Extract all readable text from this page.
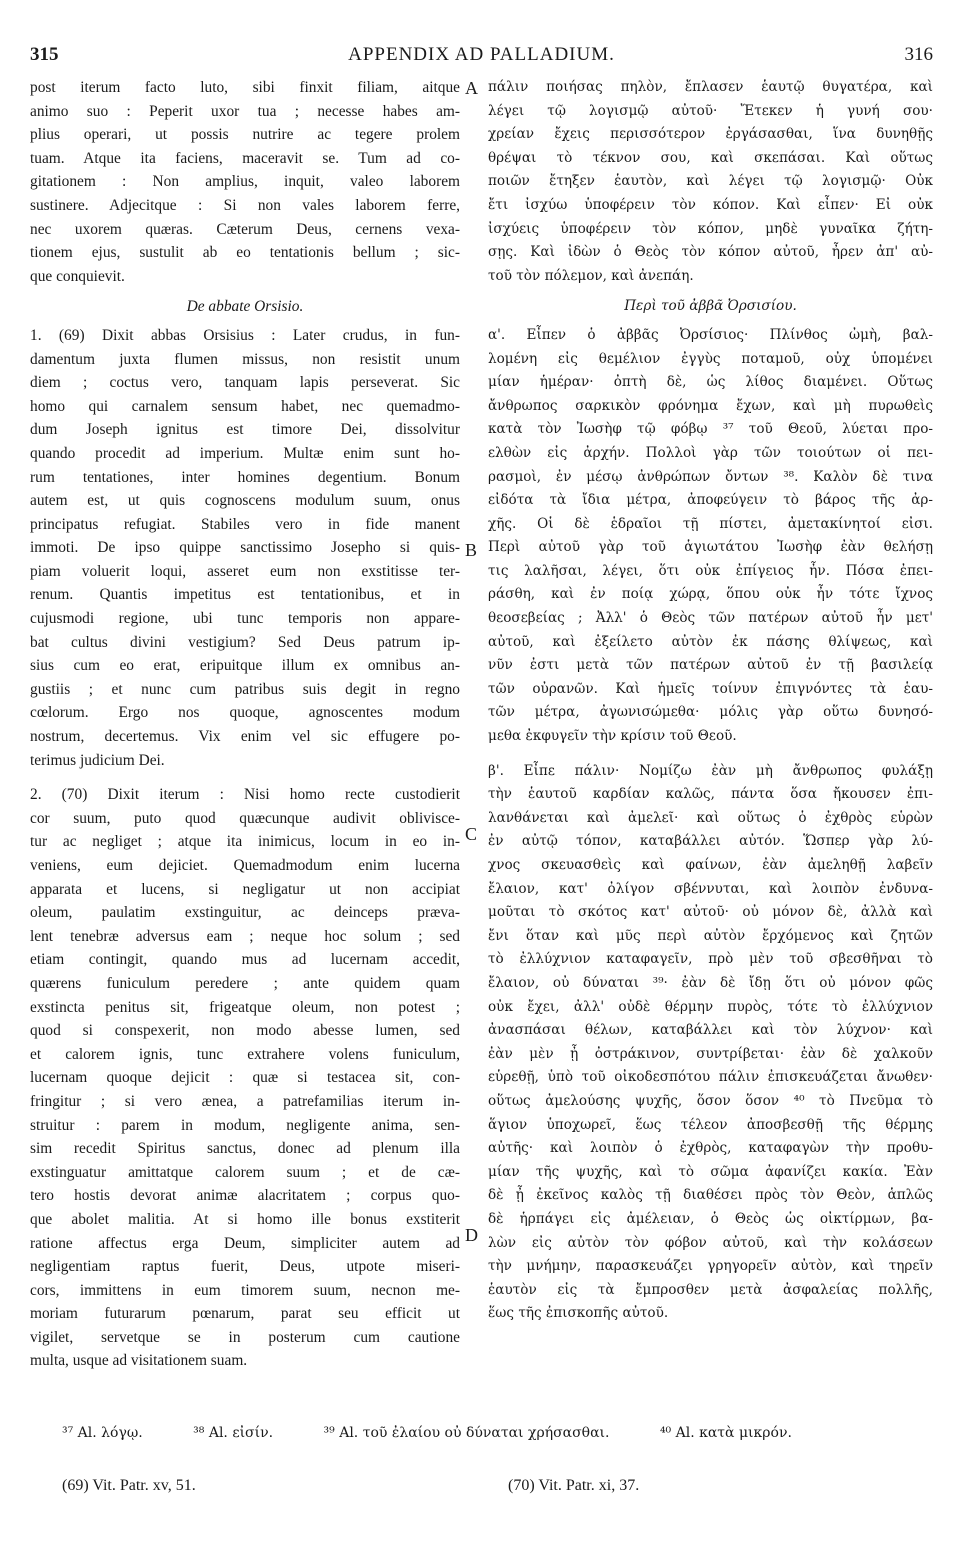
315	APPENDIX AD PALLADIUM.	316
A
B
C
D
post iterum facto luto, sibi finxit filiam, aitque
animo suo : Peperit uxor tua ; necesse habes am-
plius operari, ut possis nutrire ac tegere prolem
tuam. Atque ita faciens, maceravit se. Tum ad co-
gitationem : Non amplius, inquit, valeo laborem
sustinere. Adjecitque : Si non vales laborem ferre,
nec uxorem quæras. Cæterum Deus, cernens vexa-
tionem ejus, sustulit ab eo tentationis bellum ; sic-
que conquievit.
De abbate Orsisio.
1. (69) Dixit abbas Orsisius : Later crudus, in fun-
damentum juxta flumen missus, non resistit unum
diem ; coctus vero, tanquam lapis perseverat. Sic
homo qui carnalem sensum habet, nec quemadmo-
dum Joseph ignitus est timore Dei, dissolvitur
quando procedit ad imperium. Multæ enim sunt ho-
rum tentationes, inter homines degentium. Bonum
autem est, ut quis cognoscens modulum suum, onus
principatus refugiat. Stabiles vero in fide manent
immoti. De ipso quippe sanctissimo Josepho si quis-
piam voluerit loqui, asseret eum non exstitisse ter-
renum. Quantis impetitus est tentationibus, et in
cujusmodi regione, ubi tunc temporis non appare-
bat cultus divini vestigium? Sed Deus patrum ip-
sius cum eo erat, eripuitque illum ex omnibus an-
gustiis ; et nunc cum patribus suis degit in regno
cœlorum. Ergo nos quoque, agnoscentes modum
nostrum, decertemus. Vix enim vel sic effugere po-
terimus judicium Dei.
2. (70) Dixit iterum : Nisi homo recte custodierit
cor suum, puto quod quæcunque audivit oblivisce-
tur ac negliget ; atque ita inimicus, locum in eo in-
veniens, eum dejiciet. Quemadmodum enim lucerna
apparata et lucens, si negligatur ut non accipiat
oleum, paulatim exstinguitur, ac deinceps præva-
lent tenebræ adversus eam ; neque hoc solum ; sed
etiam contingit, quando mus ad lucernam accedit,
quærens funiculum peredere ; ante quidem quam
exstincta penitus sit, frigeatque oleum, non potest ;
quod si conspexerit, non modo abesse lumen, sed
et calorem ignis, tunc extrahere volens funiculum,
lucernam quoque dejicit : quæ si testacea sit, con-
fringitur ; si vero ænea, a patrefamilias iterum in-
struitur : parem in modum, negligente anima, sen-
sim recedit Spiritus sanctus, donec ad plenum illa
exstinguatur amittatque calorem suum ; et de cæ-
tero hostis devorat animæ alacritatem ; corpus quo-
que abolet malitia. At si homo ille bonus exstiterit
ratione affectus erga Deum, simpliciter autem ad
negligentiam raptus fuerit, Deus, utpote miseri-
cors, immittens in eum timorem suum, necnon me-
moriam futurarum pœnarum, parat seu efficit ut
vigilet, servetque se in posterum cum cautione
multa, usque ad visitationem suam.
πάλιν ποιήσας πηλὸν, ἔπλασεν ἑαυτῷ θυγατέρα, καὶ
λέγει τῷ λογισμῷ αὐτοῦ· Ἔτεκεν ἡ γυνή σου·
χρείαν ἔχεις περισσότερον ἐργάσασθαι, ἵνα δυνηθῇς
θρέψαι τὸ τέκνον σου, καὶ σκεπάσαι. Καὶ οὕτως
ποιῶν ἔτηξεν ἑαυτὸν, καὶ λέγει τῷ λογισμῷ· Οὐκ
ἔτι ἰσχύω ὑποφέρειν τὸν κόπον. Καὶ εἶπεν· Εἰ οὐκ
ἰσχύεις ὑποφέρειν τὸν κόπον, μηδὲ γυναῖκα ζήτη-
σῃς. Καὶ ἰδὼν ὁ Θεὸς τὸν κόπον αὐτοῦ, ἦρεν ἀπ' αὐ-
τοῦ τὸν πόλεμον, καὶ ἀνεπάη.
Περὶ τοῦ ἀββᾶ Ὀρσισίου.
α'. Εἶπεν ὁ ἀββᾶς Ὀρσίσιος· Πλίνθος ὠμὴ, βαλ-
λομένη εἰς θεμέλιον ἐγγὺς ποταμοῦ, οὐχ ὑπομένει
μίαν ἡμέραν· ὀπτὴ δὲ, ὡς λίθος διαμένει. Οὕτως
ἄνθρωπος σαρκικὸν φρόνημα ἔχων, καὶ μὴ πυρωθεὶς
κατὰ τὸν Ἰωσὴφ τῷ φόβῳ ³⁷ τοῦ Θεοῦ, λύεται προ-
ελθὼν εἰς ἀρχήν. Πολλοὶ γὰρ τῶν τοιούτων οἱ πει-
ρασμοὶ, ἐν μέσῳ ἀνθρώπων ὄντων ³⁸. Καλὸν δὲ τινα
εἰδότα τὰ ἴδια μέτρα, ἀποφεύγειν τὸ βάρος τῆς ἀρ-
χῆς. Οἱ δὲ ἑδραῖοι τῇ πίστει, ἀμετακίνητοί εἰσι.
Περὶ αὐτοῦ γὰρ τοῦ ἁγιωτάτου Ἰωσὴφ ἐὰν θελήσῃ
τις λαλῆσαι, λέγει, ὅτι οὐκ ἐπίγειος ἦν. Πόσα ἐπει-
ράσθη, καὶ ἐν ποίᾳ χώρᾳ, ὅπου οὐκ ἦν τότε ἴχνος
θεοσεβείας ; Ἀλλ' ὁ Θεὸς τῶν πατέρων αὐτοῦ ἦν μετ'
αὐτοῦ, καὶ ἐξείλετο αὐτὸν ἐκ πάσης θλίψεως, καὶ
νῦν ἐστι μετὰ τῶν πατέρων αὐτοῦ ἐν τῇ βασιλείᾳ
τῶν οὐρανῶν. Καὶ ἡμεῖς τοίνυν ἐπιγνόντες τὰ ἑαυ-
τῶν μέτρα, ἀγωνισώμεθα· μόλις γὰρ οὕτω δυνησό-
μεθα ἐκφυγεῖν τὴν κρίσιν τοῦ Θεοῦ.
β'. Εἶπε πάλιν· Νομίζω ἐὰν μὴ ἄνθρωπος φυλάξῃ
τὴν ἑαυτοῦ καρδίαν καλῶς, πάντα ὅσα ἤκουσεν ἐπι-
λανθάνεται καὶ ἀμελεῖ· καὶ οὕτως ὁ ἐχθρὸς εὑρὼν
ἐν αὐτῷ τόπον, καταβάλλει αὐτόν. Ὥσπερ γὰρ λύ-
χνος σκευασθεὶς καὶ φαίνων, ἐὰν ἀμεληθῇ λαβεῖν
ἔλαιον, κατ' ὀλίγον σβέννυται, καὶ λοιπὸν ἐνδυνα-
μοῦται τὸ σκότος κατ' αὐτοῦ· οὐ μόνον δὲ, ἀλλὰ καὶ
ἔνι ὅταν καὶ μῦς περὶ αὐτὸν ἔρχόμενος καὶ ζητῶν
τὸ ἐλλύχνιον καταφαγεῖν, πρὸ μὲν τοῦ σβεσθῆναι τὸ
ἔλαιον, οὐ δύναται ³⁹· ἐὰν δὲ ἴδῃ ὅτι οὐ μόνον φῶς
οὐκ ἔχει, ἀλλ' οὐδὲ θέρμην πυρὸς, τότε τὸ ἐλλύχνιον
ἀνασπάσαι θέλων, καταβάλλει καὶ τὸν λύχνον· καὶ
ἐὰν μὲν ᾖ ὀστράκινον, συντρίβεται· ἐὰν δὲ χαλκοῦν
εὑρεθῇ, ὑπὸ τοῦ οἰκοδεσπότου πάλιν ἐπισκευάζεται ἄνωθεν·
οὕτως ἀμελούσης ψυχῆς, ὅσον ὅσον ⁴⁰ τὸ Πνεῦμα τὸ
ἅγιον ὑποχωρεῖ, ἕως τέλεον ἀποσβεσθῇ τῆς θέρμης
αὐτῆς· καὶ λοιπὸν ὁ ἐχθρὸς, καταφαγὼν τὴν προθυ-
μίαν τῆς ψυχῆς, καὶ τὸ σῶμα ἀφανίζει κακία. Ἐὰν
δὲ ᾖ ἐκεῖνος καλὸς τῇ διαθέσει πρὸς τὸν Θεὸν, ἁπλῶς
δὲ ἡρπάγει εἰς ἀμέλειαν, ὁ Θεὸς ὡς οἰκτίρμων, βα-
λὼν εἰς αὐτὸν τὸν φόβον αὐτοῦ, καὶ τὴν κολάσεων
τὴν μνήμην, παρασκευάζει γρηγορεῖν αὐτὸν, καὶ τηρεῖν
ἑαυτὸν εἰς τὰ ἔμπροσθεν μετὰ ἀσφαλείας πολλῆς,
ἕως τῆς ἐπισκοπῆς αὐτοῦ.
³⁷ Al. λόγῳ.	³⁸ Al. εἰσίν.	³⁹ Al. τοῦ ἐλαίου οὐ δύναται χρήσασθαι.	⁴⁰ Al. κατὰ μικρόν.
(69) Vit. Patr. xv, 51.	(70) Vit. Patr. xi, 37.
